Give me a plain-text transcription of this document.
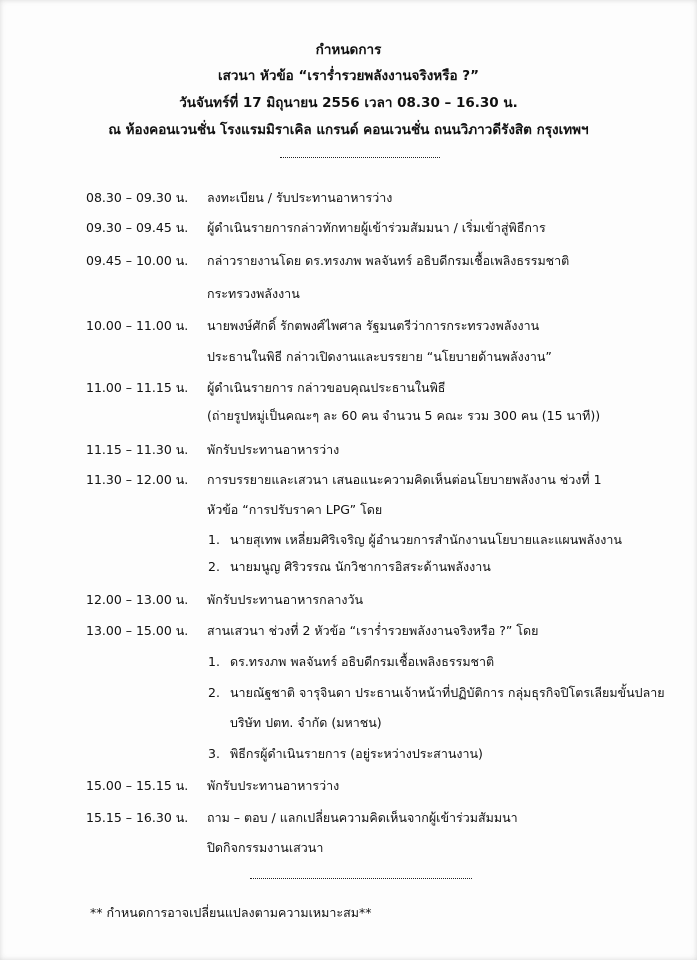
กำหนดการ
เสวนา หัวข้อ “เรารํ่ารวยพลังงานจริงหรือ ?”
วันจันทร์ที่ 17 มิถุนายน 2556 เวลา 08.30 – 16.30 น.
ณ ห้องคอนเวนชั่น โรงแรมมิราเคิล แกรนด์ คอนเวนชั่น ถนนวิภาวดีรังสิต กรุงเทพฯ
08.30 – 09.30 น. ลงทะเบียน / รับประทานอาหารว่าง
09.30 – 09.45 น. ผู้ดำเนินรายการกล่าวทักทายผู้เข้าร่วมสัมมนา / เริ่มเข้าสู่พิธีการ
09.45 – 10.00 น. กล่าวรายงานโดย ดร.ทรงภพ พลจันทร์ อธิบดีกรมเชื้อเพลิงธรรมชาติ
กระทรวงพลังงาน
10.00 – 11.00 น. นายพงษ์ศักดิ์ รักตพงศ์ไพศาล รัฐมนตรีว่าการกระทรวงพลังงาน
ประธานในพิธี กล่าวเปิดงานและบรรยาย “นโยบายด้านพลังงาน”
11.00 – 11.15 น. ผู้ดำเนินรายการ กล่าวขอบคุณประธานในพิธี
(ถ่ายรูปหมู่เป็นคณะๆ ละ 60 คน จำนวน 5 คณะ รวม 300 คน (15 นาที))
11.15 – 11.30 น. พักรับประทานอาหารว่าง
11.30 – 12.00 น. การบรรยายและเสวนา เสนอแนะความคิดเห็นต่อนโยบายพลังงาน ช่วงที่ 1
หัวข้อ “การปรับราคา LPG” โดย
1. นายสุเทพ เหลี่ยมศิริเจริญ ผู้อำนวยการสำนักงานนโยบายและแผนพลังงาน
2. นายมนูญ ศิริวรรณ นักวิชาการอิสระด้านพลังงาน
12.00 – 13.00 น. พักรับประทานอาหารกลางวัน
13.00 – 15.00 น. สานเสวนา ช่วงที่ 2 หัวข้อ “เรารํ่ารวยพลังงานจริงหรือ ?” โดย
1. ดร.ทรงภพ พลจันทร์ อธิบดีกรมเชื้อเพลิงธรรมชาติ
2. นายณัฐชาติ จารุจินดา ประธานเจ้าหน้าที่ปฏิบัติการ กลุ่มธุรกิจปิโตรเลียมขั้นปลาย
บริษัท ปตท. จำกัด (มหาชน)
3. พิธีกรผู้ดำเนินรายการ (อยู่ระหว่างประสานงาน)
15.00 – 15.15 น. พักรับประทานอาหารว่าง
15.15 – 16.30 น. ถาม – ตอบ / แลกเปลี่ยนความคิดเห็นจากผู้เข้าร่วมสัมมนา
ปิดกิจกรรมงานเสวนา
** กำหนดการอาจเปลี่ยนแปลงตามความเหมาะสม**
